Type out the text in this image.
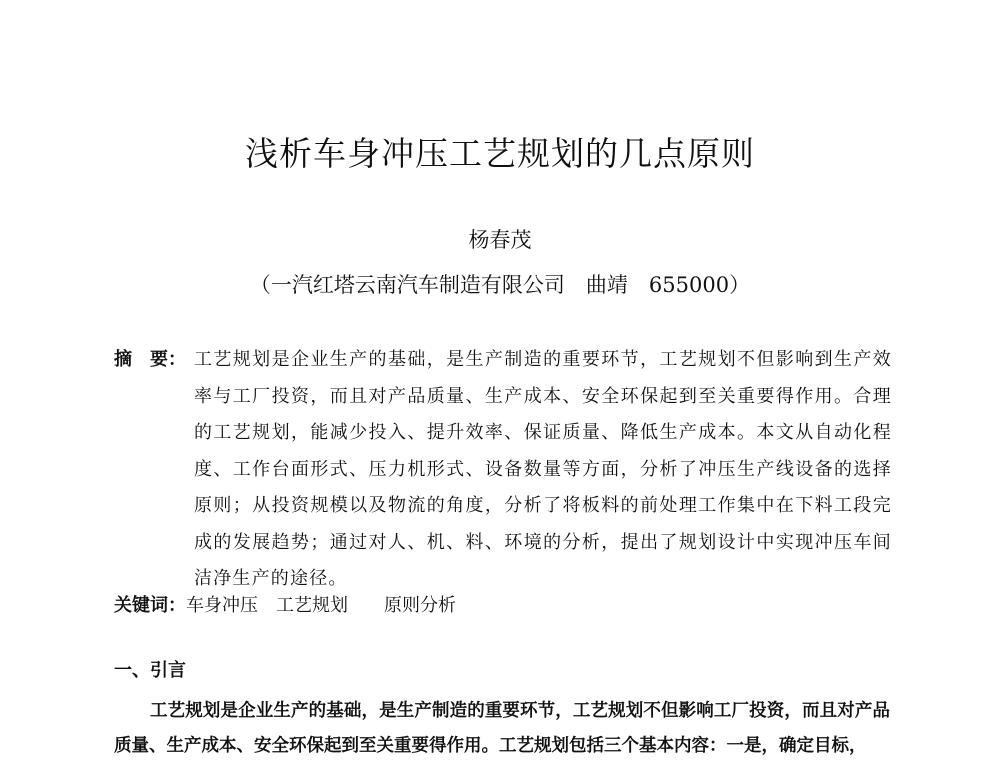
浅析车身冲压工艺规划的几点原则
杨春茂
（一汽红塔云南汽车制造有限公司　曲靖　655000）
摘　要： 工艺规划是企业生产的基础，是生产制造的重要环节，工艺规划不但影响到生产效率与工厂投资，而且对产品质量、生产成本、安全环保起到至关重要得作用。合理的工艺规划，能减少投入、提升效率、保证质量、降低生产成本。本文从自动化程度、工作台面形式、压力机形式、设备数量等方面，分析了冲压生产线设备的选择原则；从投资规模以及物流的角度，分析了将板料的前处理工作集中在下料工段完成的发展趋势；通过对人、机、料、环境的分析，提出了规划设计中实现冲压车间洁净生产的途径。
关键词：车身冲压　工艺规划　　原则分析
一、引言
工艺规划是企业生产的基础，是生产制造的重要环节，工艺规划不但影响工厂投资，而且对产品质量、生产成本、安全环保起到至关重要得作用。工艺规划包括三个基本内容：一是，确定目标，
